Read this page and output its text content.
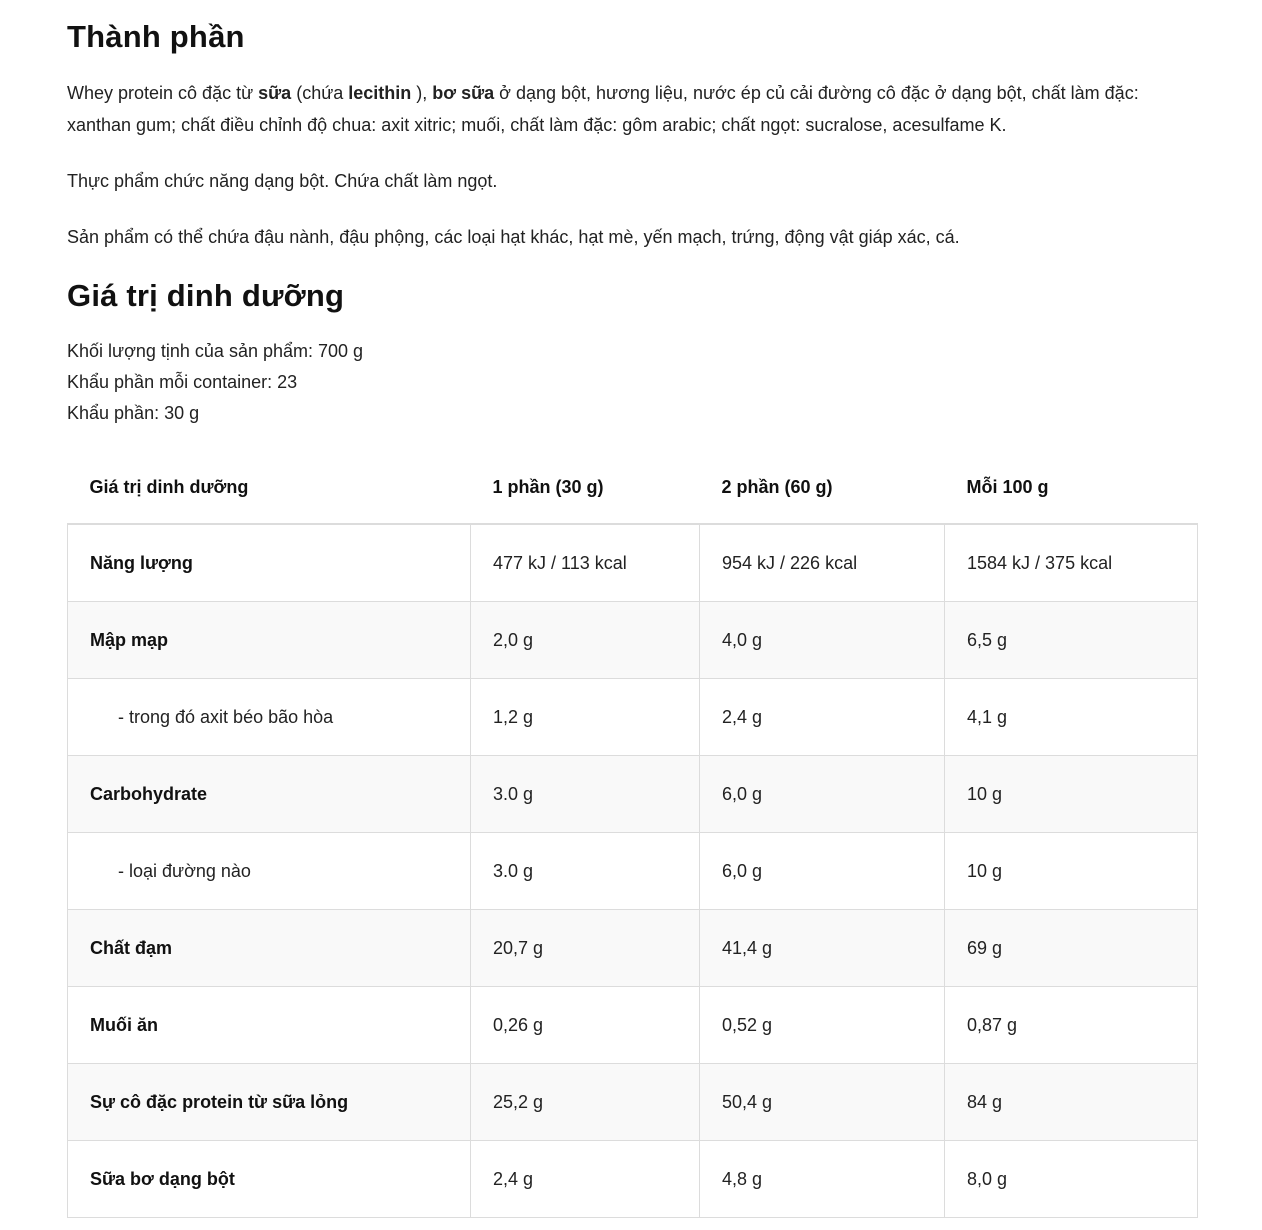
Thành phần

Whey protein cô đặc từ sữa (chứa lecithin ), bơ sữa ở dạng bột, hương liệu, nước ép củ cải đường cô đặc ở dạng bột, chất làm đặc: xanthan gum; chất điều chỉnh độ chua: axit xitric; muối, chất làm đặc: gôm arabic; chất ngọt: sucralose, acesulfame K.

Thực phẩm chức năng dạng bột. Chứa chất làm ngọt.

Sản phẩm có thể chứa đậu nành, đậu phộng, các loại hạt khác, hạt mè, yến mạch, trứng, động vật giáp xác, cá.

Giá trị dinh dưỡng
Khối lượng tịnh của sản phẩm: 700 g
Khẩu phần mỗi container: 23
Khẩu phần: 30 g
Giá trị dinh dưỡng	1 phần (30 g)	2 phần (60 g)	Mỗi 100 g
Năng lượng	477 kJ / 113 kcal	954 kJ / 226 kcal	1584 kJ / 375 kcal
Mập mạp	2,0 g	4,0 g	6,5 g
- trong đó axit béo bão hòa	1,2 g	2,4 g	4,1 g
Carbohydrate	3.0 g	6,0 g	10 g
- loại đường nào	3.0 g	6,0 g	10 g
Chất đạm	20,7 g	41,4 g	69 g
Muối ăn	0,26 g	0,52 g	0,87 g
Sự cô đặc protein từ sữa lỏng	25,2 g	50,4 g	84 g
Sữa bơ dạng bột	2,4 g	4,8 g	8,0 g
